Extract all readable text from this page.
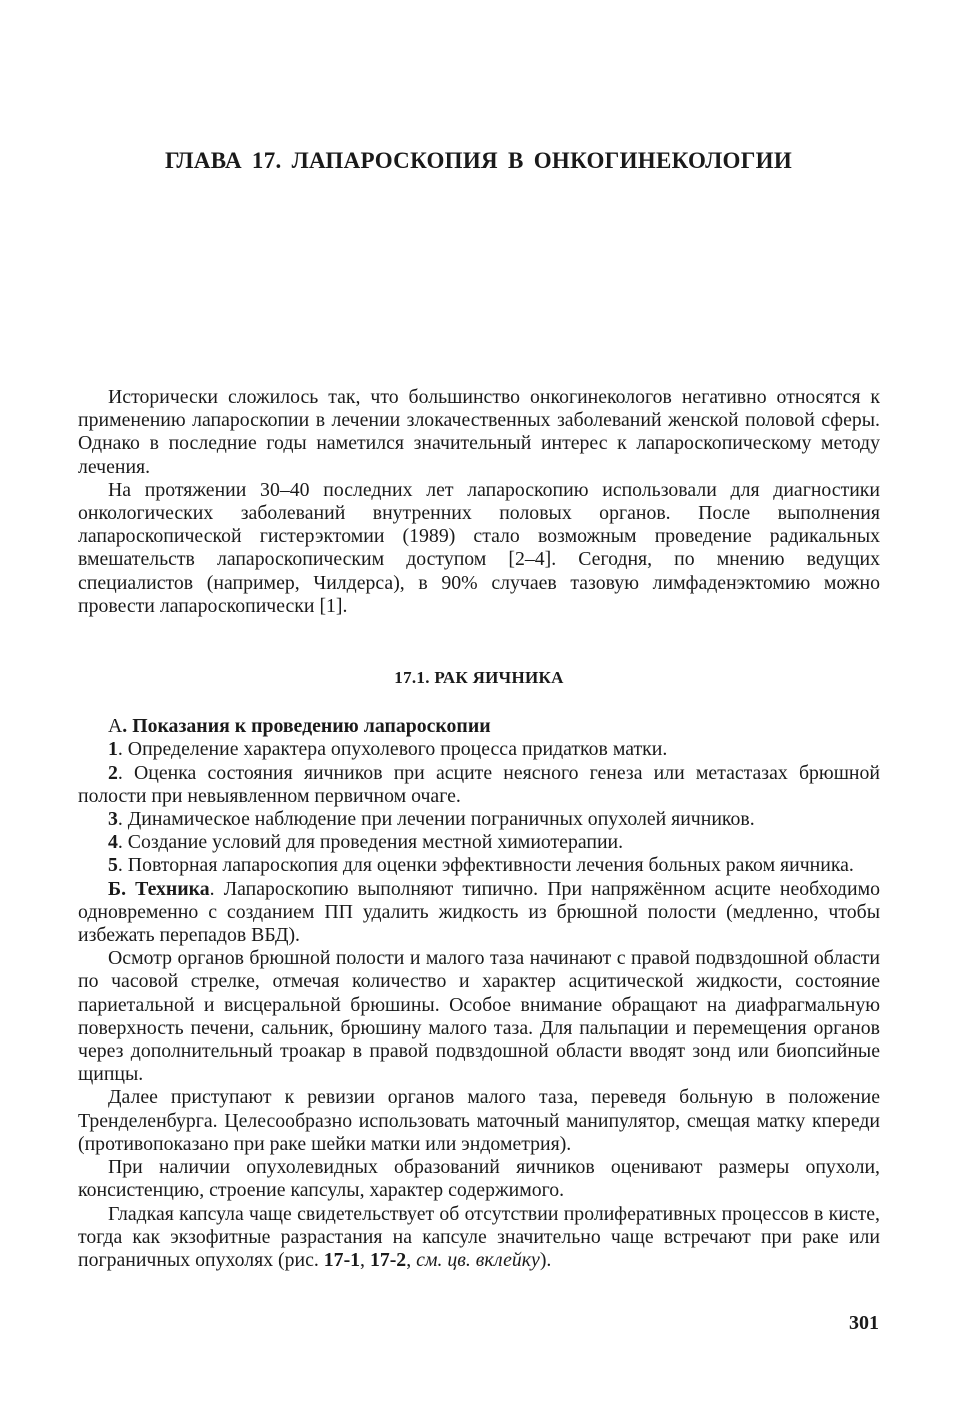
ГЛАВА 17. ЛАПАРОСКОПИЯ В ОНКОГИНЕКОЛОГИИ

Исторически сложилось так, что большинство онкогинекологов негативно относятся к применению лапароскопии в лечении злокачественных заболеваний женской половой сферы. Однако в последние годы наметился значительный интерес к лапароскопическому методу лечения.

На протяжении 30–40 последних лет лапароскопию использовали для диагностики онкологических заболеваний внутренних половых органов. После выполнения лапароскопической гистерэктомии (1989) стало возможным проведение радикальных вмешательств лапароскопическим доступом [2–4]. Сегодня, по мнению ведущих специалистов (например, Чилдерса), в 90% случаев тазовую лимфаденэктомию можно провести лапароскопически [1].

17.1. РАК ЯИЧНИКА

А. Показания к проведению лапароскопии

1. Определение характера опухолевого процесса придатков матки.

2. Оценка состояния яичников при асците неясного генеза или метастазах брюшной полости при невыявленном первичном очаге.

3. Динамическое наблюдение при лечении пограничных опухолей яичников.

4. Создание условий для проведения местной химиотерапии.

5. Повторная лапароскопия для оценки эффективности лечения больных раком яичника.

Б. Техника. Лапароскопию выполняют типично. При напряжённом асците необходимо одновременно с созданием ПП удалить жидкость из брюшной полости (медленно, чтобы избежать перепадов ВБД).

Осмотр органов брюшной полости и малого таза начинают с правой подвздошной области по часовой стрелке, отмечая количество и характер асцитической жидкости, состояние париетальной и висцеральной брюшины. Особое внимание обращают на диафрагмальную поверхность печени, сальник, брюшину малого таза. Для пальпации и перемещения органов через дополнительный троакар в правой подвздошной области вводят зонд или биопсийные щипцы.

Далее приступают к ревизии органов малого таза, переведя больную в положение Тренделенбурга. Целесообразно использовать маточный манипулятор, смещая матку кпереди (противопоказано при раке шейки матки или эндометрия).

При наличии опухолевидных образований яичников оценивают размеры опухоли, консистенцию, строение капсулы, характер содержимого.

Гладкая капсула чаще свидетельствует об отсутствии пролиферативных процессов в кисте, тогда как экзофитные разрастания на капсуле значительно чаще встречают при раке или пограничных опухолях (рис. 17-1, 17-2, см. цв. вклейку).

301
